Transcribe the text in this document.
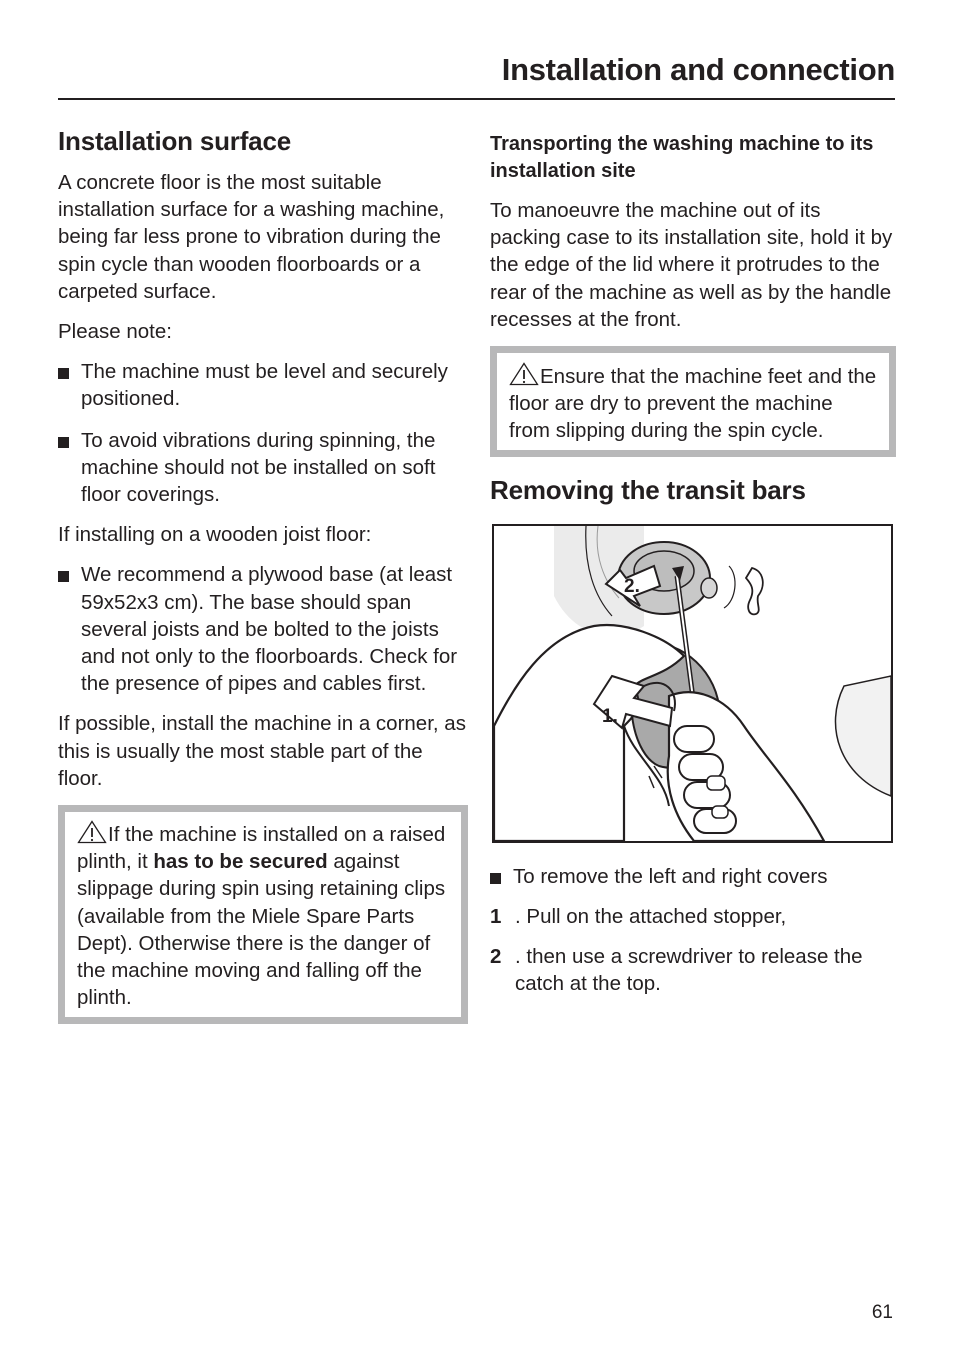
Installation and connection
Installation surface

A concrete floor is the most suitable installation surface for a washing machine, being far less prone to vibration during the spin cycle than wooden floorboards or a carpeted surface.

Please note:

The machine must be level and securely positioned.
To avoid vibrations during spinning, the machine should not be installed on soft floor coverings.

If installing on a wooden joist floor:

We recommend a plywood base (at least 59x52x3 cm). The base should span several joists and be bolted to the joists and not only to the floorboards. Check for the presence of pipes and cables first.

If possible, install the machine in a corner, as this is usually the most stable part of the floor.

If the machine is installed on a raised plinth, it has to be secured against slippage during spin using retaining clips (available from the Miele Spare Parts Dept). Otherwise there is the danger of the machine moving and falling off the plinth.

Transporting the washing machine to its installation site

To manoeuvre the machine out of its packing case to its installation site, hold it by the edge of the lid where it protrudes to the rear of the machine as well as by the handle recesses at the front.

Ensure that the machine feet and the floor are dry to prevent the machine from slipping during the spin cycle.

Removing the transit bars
1.
2.
To remove the left and right covers
1 . Pull on the attached stopper,
2 . then use a screwdriver to release the catch at the top.
61
